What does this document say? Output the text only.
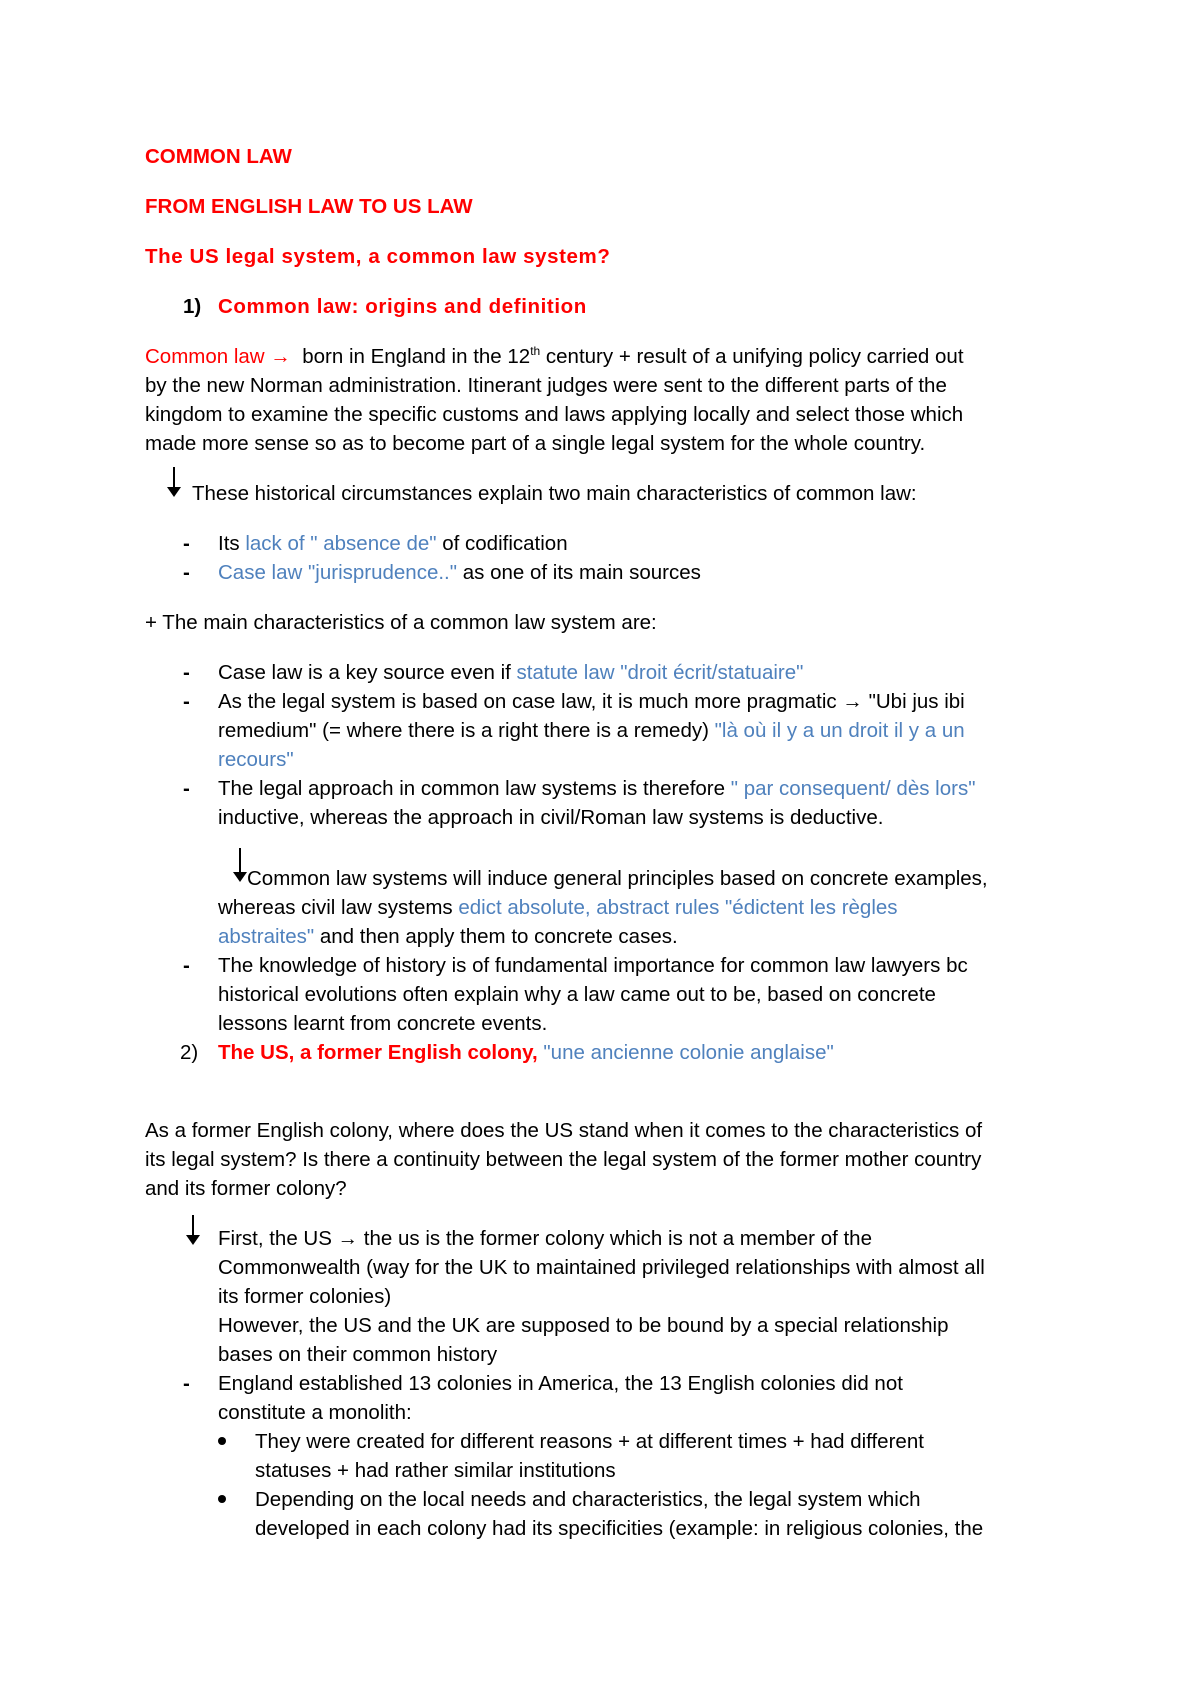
COMMON LAW
FROM ENGLISH LAW TO US LAW
The US legal system, a common law system?
1) Common law: origins and definition
Common law → born in England in the 12th century + result of a unifying policy carried out
by the new Norman administration. Itinerant judges were sent to the different parts of the
kingdom to examine the specific customs and laws applying locally and select those which
made more sense so as to become part of a single legal system for the whole country.
These historical circumstances explain two main characteristics of common law:
- Its lack of " absence de" of codification
- Case law "jurisprudence.." as one of its main sources
+ The main characteristics of a common law system are:
- Case law is a key source even if statute law "droit écrit/statuaire"
- As the legal system is based on case law, it is much more pragmatic → "Ubi jus ibi
remedium" (= where there is a right there is a remedy) "là où il y a un droit il y a un
recours"
- The legal approach in common law systems is therefore " par consequent/ dès lors"
inductive, whereas the approach in civil/Roman law systems is deductive.
Common law systems will induce general principles based on concrete examples,
whereas civil law systems edict absolute, abstract rules "édictent les règles
abstraites" and then apply them to concrete cases.
- The knowledge of history is of fundamental importance for common law lawyers bc
historical evolutions often explain why a law came out to be, based on concrete
lessons learnt from concrete events.
2) The US, a former English colony, "une ancienne colonie anglaise"
As a former English colony, where does the US stand when it comes to the characteristics of
its legal system? Is there a continuity between the legal system of the former mother country
and its former colony?
First, the US → the us is the former colony which is not a member of the
Commonwealth (way for the UK to maintained privileged relationships with almost all
its former colonies)
However, the US and the UK are supposed to be bound by a special relationship
bases on their common history
- England established 13 colonies in America, the 13 English colonies did not
constitute a monolith:
They were created for different reasons + at different times + had different
statuses + had rather similar institutions
Depending on the local needs and characteristics, the legal system which
developed in each colony had its specificities (example: in religious colonies, the
